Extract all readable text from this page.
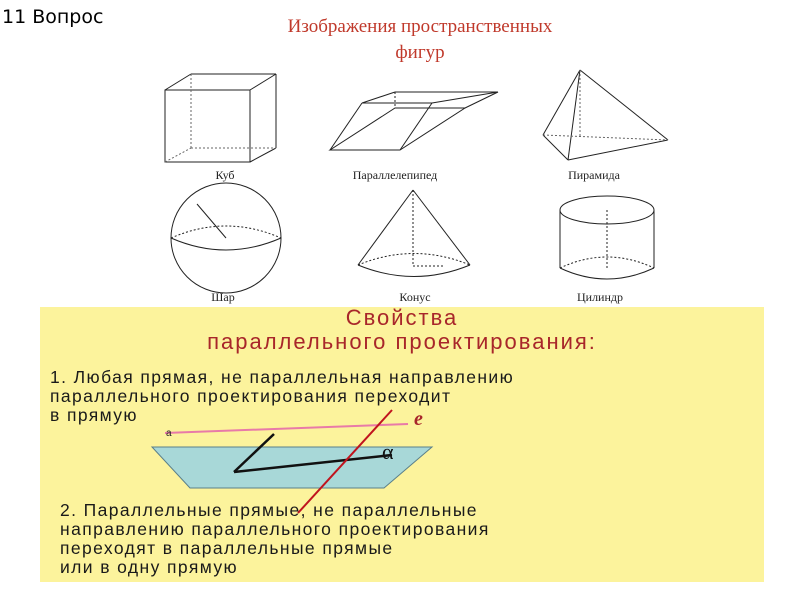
11 Вопрос	Изображения пространственных
фигур
Куб	Параллелепипед	Пирамида
Шар	Конус	Цилиндр
Свойства
параллельного проектирования:
1. Любая прямая, не параллельная направлению
параллельного проектирования переходит
в прямую
а
е
α
2. Параллельные прямые, не параллельные
направлению параллельного проектирования
переходят в параллельные прямые
или в одну прямую
